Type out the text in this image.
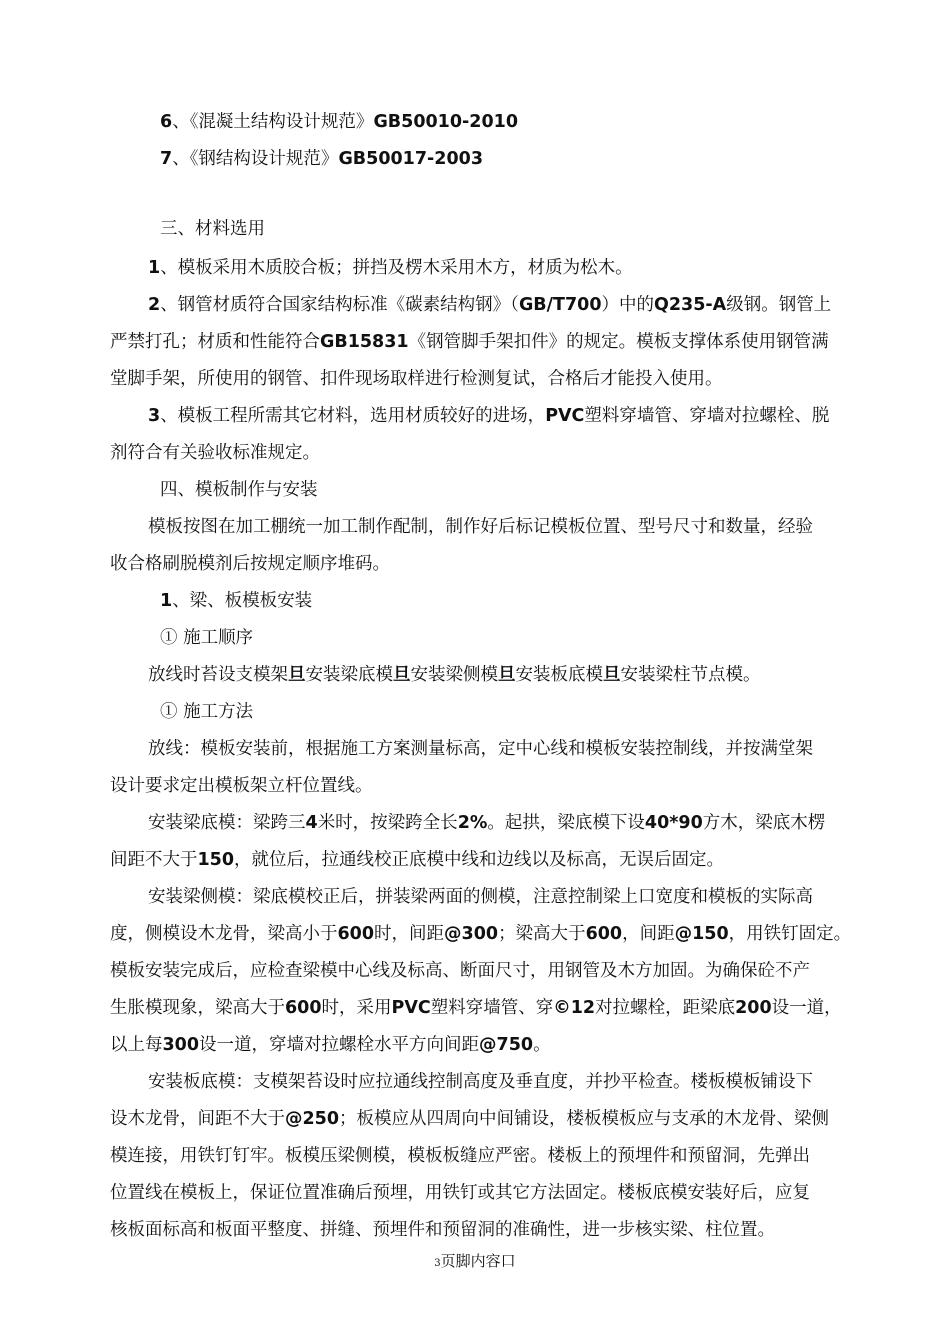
6、《混凝土结构设计规范》GB50010-2010
7、《钢结构设计规范》GB50017-2003
三、材料选用
1、模板采用木质胶合板；拼挡及楞木采用木方，材质为松木。
2、钢管材质符合国家结构标准《碳素结构钢》（GB/T700）中的Q235-A级钢。钢管上
严禁打孔；材质和性能符合GB15831《钢管脚手架扣件》的规定。模板支撑体系使用钢管满
堂脚手架，所使用的钢管、扣件现场取样进行检测复试，合格后才能投入使用。
3、模板工程所需其它材料，选用材质较好的进场，PVC塑料穿墙管、穿墙对拉螺栓、脱
剂符合有关验收标准规定。
四、模板制作与安装
模板按图在加工棚统一加工制作配制，制作好后标记模板位置、型号尺寸和数量，经验
收合格刷脱模剂后按规定顺序堆码。
1、梁、板模板安装
① 施工顺序
放线时苔设支模架旦安装梁底模旦安装梁侧模旦安装板底模旦安装梁柱节点模。
① 施工方法
放线：模板安装前，根据施工方案测量标高，定中心线和模板安装控制线，并按满堂架
设计要求定出模板架立杆位置线。
安装梁底模：梁跨三4米时，按梁跨全长2%。起拱，梁底模下设40*90方木，梁底木楞
间距不大于150，就位后，拉通线校正底模中线和边线以及标高，无误后固定。
安装梁侧模：梁底模校正后，拼装梁两面的侧模，注意控制梁上口宽度和模板的实际高
度，侧模设木龙骨，梁高小于600时，间距@300；梁高大于600，间距@150，用铁钉固定。
模板安装完成后，应检查梁模中心线及标高、断面尺寸，用钢管及木方加固。为确保砼不产
生胀模现象，梁高大于600时，采用PVC塑料穿墙管、穿©12对拉螺栓，距梁底200设一道，
以上每300设一道，穿墙对拉螺栓水平方向间距@750。
安装板底模：支模架苔设时应拉通线控制高度及垂直度，并抄平检查。楼板模板铺设下
设木龙骨，间距不大于@250；板模应从四周向中间铺设，楼板模板应与支承的木龙骨、梁侧
模连接，用铁钉钉牢。板模压梁侧模，模板板缝应严密。楼板上的预埋件和预留洞，先弹出
位置线在模板上，保证位置准确后预埋，用铁钉或其它方法固定。楼板底模安装好后，应复
核板面标高和板面平整度、拼缝、预埋件和预留洞的准确性，进一步核实梁、柱位置。
3页脚内容口
